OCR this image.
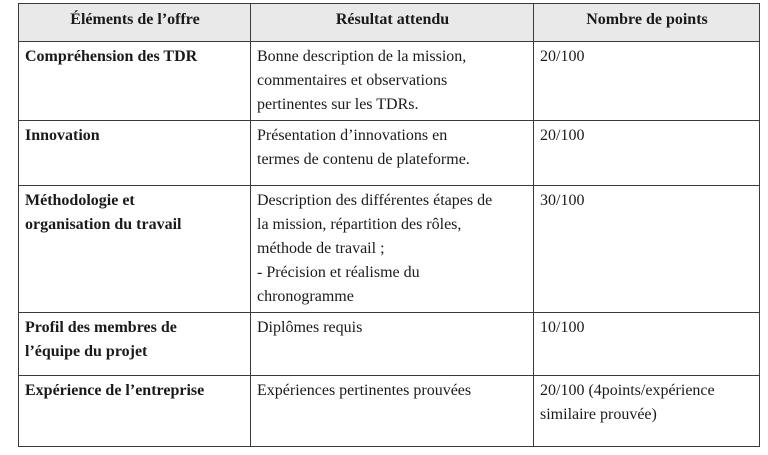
Éléments de l’offre	Résultat attendu	Nombre de points

Compréhension des TDR	Bonne description de la mission,
commentaires et observations
pertinentes sur les TDRs.	20/100

Innovation	Présentation d’innovations en
termes de contenu de plateforme.	20/100

Méthodologie et
organisation du travail	Description des différentes étapes de
la mission, répartition des rôles,
méthode de travail ;
- Précision et réalisme du
chronogramme	30/100

Profil des membres de
l’équipe du projet	Diplômes requis	10/100

Expérience de l’entreprise	Expériences pertinentes prouvées	20/100 (4points/expérience
similaire prouvée)
